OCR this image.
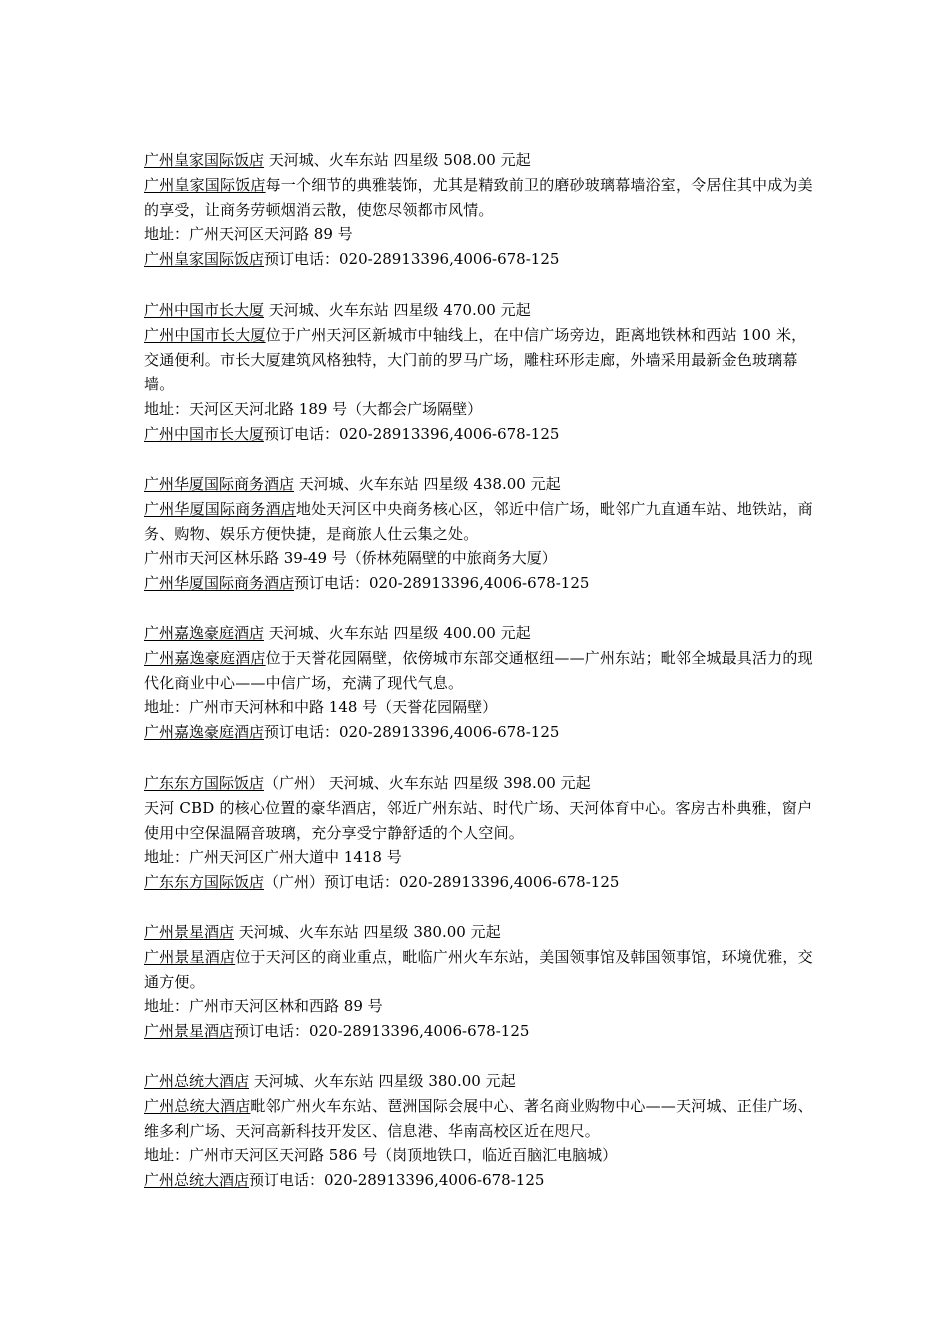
广州皇家国际饭店 天河城、火车东站 四星级 508.00 元起
广州皇家国际饭店每一个细节的典雅装饰，尤其是精致前卫的磨砂玻璃幕墙浴室，令居住其中成为美的享受，让商务劳顿烟消云散，使您尽领都市风情。
地址：广州天河区天河路 89 号
广州皇家国际饭店预订电话：020-28913396,4006-678-125
广州中国市长大厦 天河城、火车东站 四星级 470.00 元起
广州中国市长大厦位于广州天河区新城市中轴线上，在中信广场旁边，距离地铁林和西站 100 米，交通便利。市长大厦建筑风格独特，大门前的罗马广场，雕柱环形走廊，外墙采用最新金色玻璃幕墙。
地址：天河区天河北路 189 号（大都会广场隔壁）
广州中国市长大厦预订电话：020-28913396,4006-678-125
广州华厦国际商务酒店 天河城、火车东站 四星级 438.00 元起
广州华厦国际商务酒店地处天河区中央商务核心区，邻近中信广场，毗邻广九直通车站、地铁站，商务、购物、娱乐方便快捷，是商旅人仕云集之处。
广州市天河区林乐路 39-49 号（侨林苑隔壁的中旅商务大厦）
广州华厦国际商务酒店预订电话：020-28913396,4006-678-125
广州嘉逸豪庭酒店 天河城、火车东站 四星级 400.00 元起
广州嘉逸豪庭酒店位于天誉花园隔壁，依傍城市东部交通枢纽——广州东站；毗邻全城最具活力的现代化商业中心——中信广场，充满了现代气息。
地址：广州市天河林和中路 148 号（天誉花园隔壁）
广州嘉逸豪庭酒店预订电话：020-28913396,4006-678-125
广东东方国际饭店（广州） 天河城、火车东站 四星级 398.00 元起
天河 CBD 的核心位置的豪华酒店，邻近广州东站、时代广场、天河体育中心。客房古朴典雅，窗户使用中空保温隔音玻璃，充分享受宁静舒适的个人空间。
地址：广州天河区广州大道中 1418 号
广东东方国际饭店（广州）预订电话：020-28913396,4006-678-125
广州景星酒店 天河城、火车东站 四星级 380.00 元起
广州景星酒店位于天河区的商业重点，毗临广州火车东站，美国领事馆及韩国领事馆，环境优雅，交通方便。
地址：广州市天河区林和西路 89 号
广州景星酒店预订电话：020-28913396,4006-678-125
广州总统大酒店 天河城、火车东站 四星级 380.00 元起
广州总统大酒店毗邻广州火车东站、琶洲国际会展中心、著名商业购物中心——天河城、正佳广场、维多利广场、天河高新科技开发区、信息港、华南高校区近在咫尺。
地址：广州市天河区天河路 586 号（岗顶地铁口，临近百脑汇电脑城）
广州总统大酒店预订电话：020-28913396,4006-678-125
